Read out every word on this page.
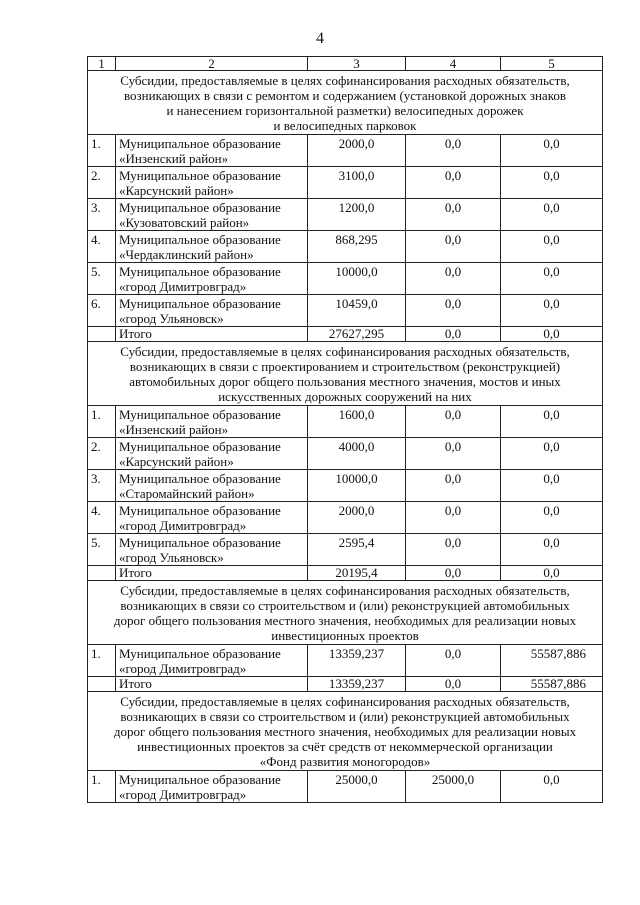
4
1	2	3	4	5

Субсидии, предоставляемые в целях софинансирования расходных обязательств,
возникающих в связи с ремонтом и содержанием (установкой дорожных знаков
и нанесением горизонтальной разметки) велосипедных дорожек
и велосипедных парковок				

1.	Муниципальное образование «Инзенский район»	2000,0	0,0	0,0
2.	Муниципальное образование «Карсунский район»	3100,0	0,0	0,0
3.	Муниципальное образование «Кузоватовский район»	1200,0	0,0	0,0
4.	Муниципальное образование «Чердаклинский район»	868,295	0,0	0,0
5.	Муниципальное образование «город Димитровград»	10000,0	0,0	0,0
6.	Муниципальное образование «город Ульяновск»	10459,0	0,0	0,0
	Итого	27627,295	0,0	0,0

Субсидии, предоставляемые в целях софинансирования расходных обязательств,
возникающих в связи с проектированием и строительством (реконструкцией)
автомобильных дорог общего пользования местного значения, мостов и иных
искусственных дорожных сооружений на них				

1.	Муниципальное образование «Инзенский район»	1600,0	0,0	0,0
2.	Муниципальное образование «Карсунский район»	4000,0	0,0	0,0
3.	Муниципальное образование «Старомайнский район»	10000,0	0,0	0,0
4.	Муниципальное образование «город Димитровград»	2000,0	0,0	0,0
5.	Муниципальное образование «город Ульяновск»	2595,4	0,0	0,0
	Итого	20195,4	0,0	0,0

Субсидии, предоставляемые в целях софинансирования расходных обязательств,
возникающих в связи со строительством и (или) реконструкцией автомобильных
дорог общего пользования местного значения, необходимых для реализации новых
инвестиционных проектов				

1.	Муниципальное образование «город Димитровград»	13359,237	0,0	55587,886
	Итого	13359,237	0,0	55587,886

Субсидии, предоставляемые в целях софинансирования расходных обязательств,
возникающих в связи со строительством и (или) реконструкцией автомобильных
дорог общего пользования местного значения, необходимых для реализации новых
инвестиционных проектов за счёт средств от некоммерческой организации
«Фонд развития моногородов»				

1.	Муниципальное образование «город Димитровград»	25000,0	25000,0	0,0
